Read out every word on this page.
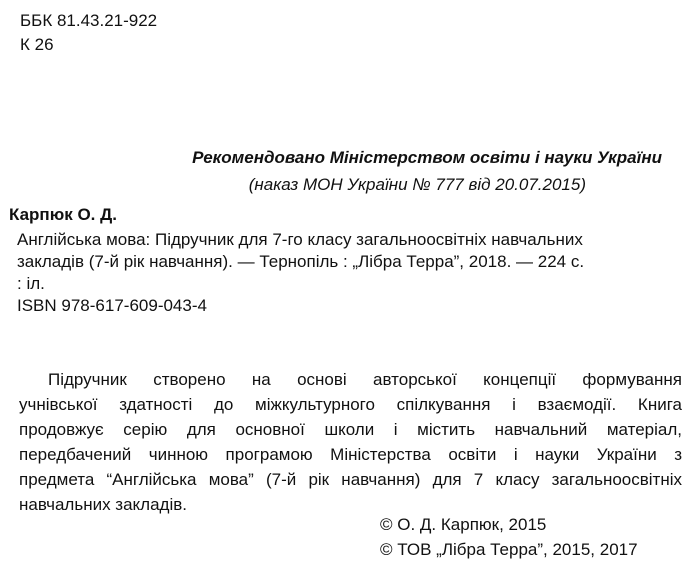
ББК 81.43.21-922
К 26
Рекомендовано Міністерством освіти і науки України
(наказ МОН України № 777 від 20.07.2015)
Карпюк О. Д.
Англійська мова: Підручник для 7-го класу загальноосвітніх навчальних
закладів (7-й рік навчання). — Тернопіль : „Лібра Терра”, 2018. — 224 с.
: іл.
ISBN 978-617-609-043-4
Підручник створено на основі авторської концепції формування
учнівської здатності до міжкультурного спілкування і взаємодії. Книга
продовжує серію для основної школи і містить навчальний матеріал,
передбачений чинною програмою Міністерства освіти і науки України з
предмета “Англійська мова” (7-й рік навчання) для 7 класу загальноосвітніх
навчальних закладів.
© О. Д. Карпюк, 2015
© ТОВ „Лібра Терра”, 2015, 2017
